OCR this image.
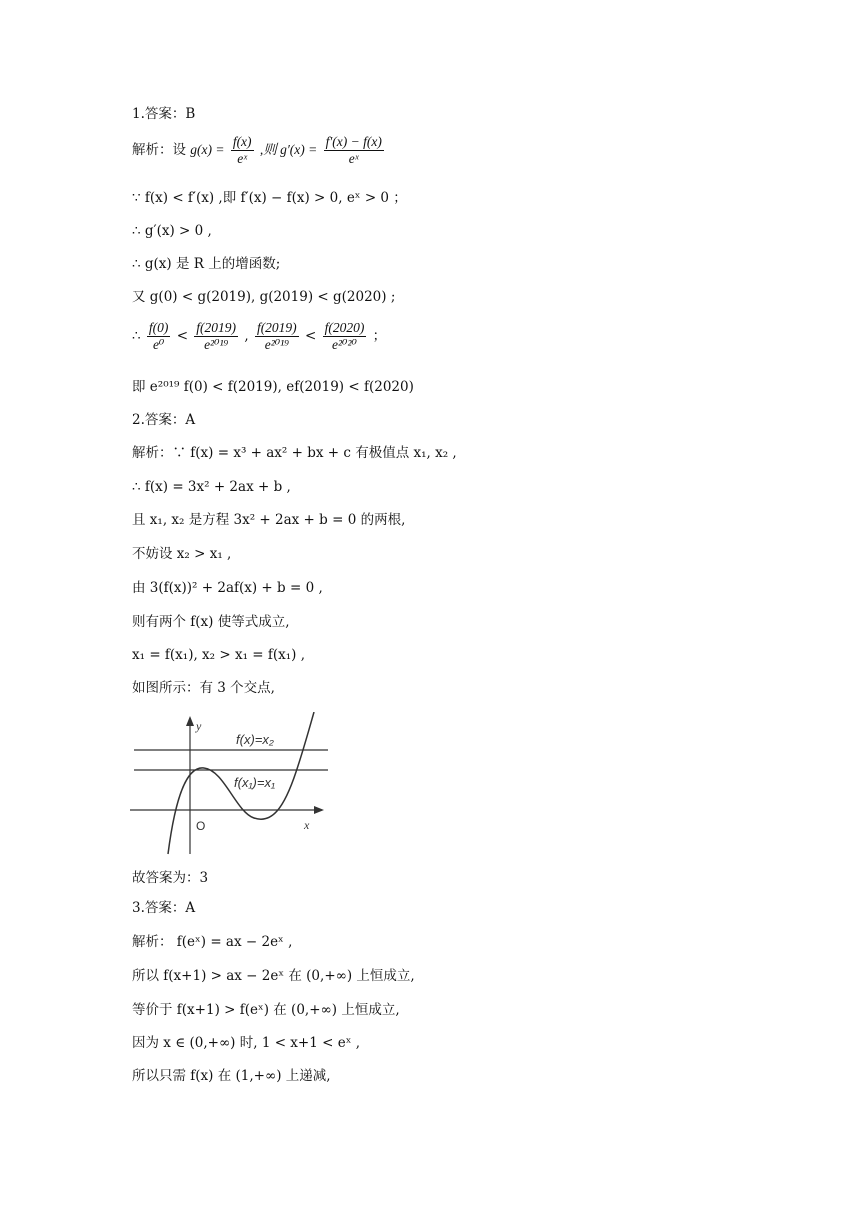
1.答案：B
解析：设 $g(x) = \frac{f(x)}{\text{eˣ}}$ ,则 $g'(x) = \frac{f'(x) - f(x)}{\text{eˣ}}$
∵ f(x) < f′(x) ,即 f′(x) − f(x) > 0, eˣ > 0 ；
∴ g′(x) > 0 ,
∴ g(x) 是 R 上的增函数;
又 g(0) < g(2019), g(2019) < g(2020) ;
∴ $\frac{f(0)}{\text{e⁰}} < \frac{f(2019)}{\text{e²⁰¹⁹}}$ , $\frac{f(2019)}{\text{e²⁰¹⁹}} < \frac{f(2020)}{\text{e²⁰²⁰}}$ ；
即 e²⁰¹⁹ f(0) < f(2019), ef(2019) < f(2020)
2.答案：A
解析：∵ f(x) = x³ + ax² + bx + c 有极值点 x₁, x₂ ,
∴ f(x) = 3x² + 2ax + b ,
且 x₁, x₂ 是方程 3x² + 2ax + b = 0 的两根,
不妨设 x₂ > x₁ ,
由 3(f(x))² + 2af(x) + b = 0 ,
则有两个 f(x) 使等式成立,
x₁ = f(x₁), x₂ > x₁ = f(x₁) ,
如图所示：有 3 个交点,
y
x
O
f(x)=x₂
f(x₁)=x₁
故答案为：3
3.答案：A
解析： f(eˣ) = ax − 2eˣ ,
所以 f(x+1) > ax − 2eˣ 在 (0,+∞) 上恒成立,
等价于 f(x+1) > f(eˣ) 在 (0,+∞) 上恒成立,
因为 x ∈ (0,+∞) 时, 1 < x+1 < eˣ ,
所以只需 f(x) 在 (1,+∞) 上递减,
